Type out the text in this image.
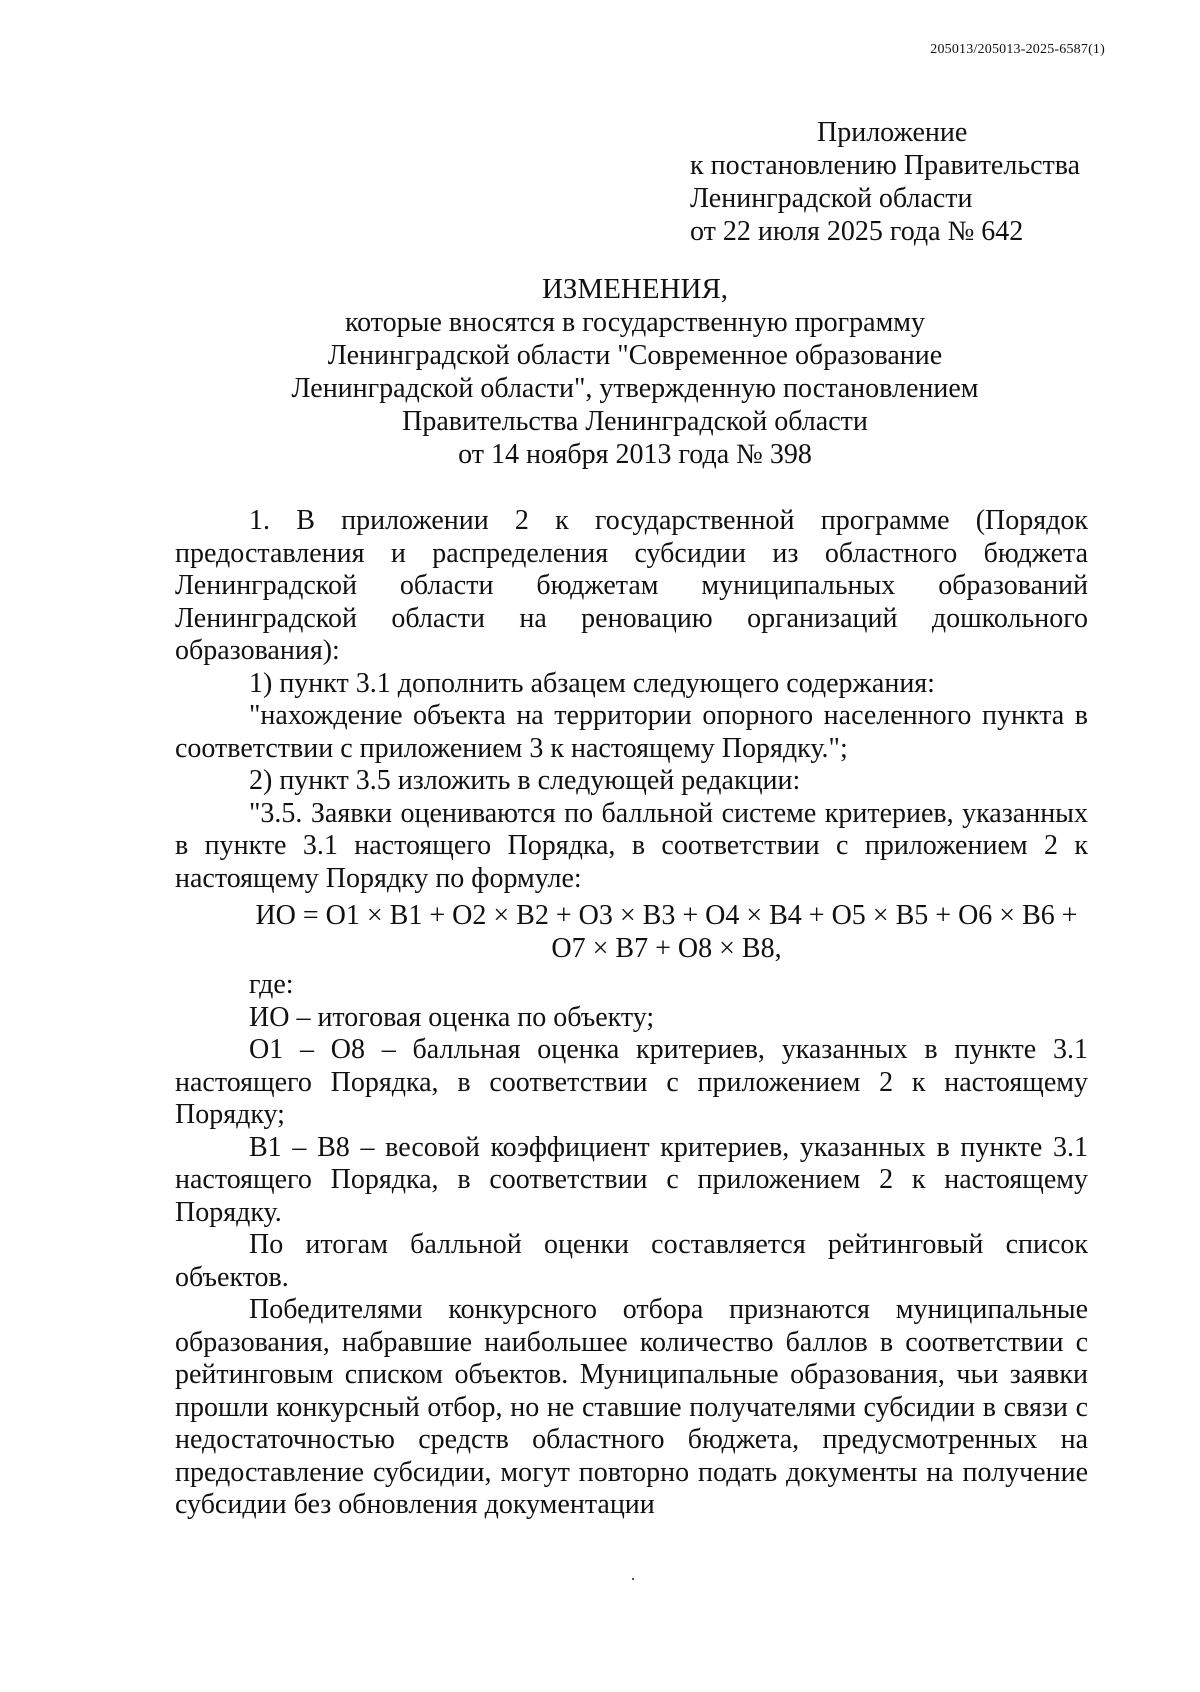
205013/205013-2025-6587(1)
Приложение
к постановлению Правительства
Ленинградской области
от 22 июля 2025 года № 642
ИЗМЕНЕНИЯ,
которые вносятся в государственную программу
Ленинградской области "Современное образование
Ленинградской области", утвержденную постановлением
Правительства Ленинградской области
от 14 ноября 2013 года № 398

1. В приложении 2 к государственной программе (Порядок предоставления и распределения субсидии из областного бюджета Ленинградской области бюджетам муниципальных образований Ленинградской области на реновацию организаций дошкольного образования):

1) пункт 3.1 дополнить абзацем следующего содержания:

"нахождение объекта на территории опорного населенного пункта в соответствии с приложением 3 к настоящему Порядку.";

2) пункт 3.5 изложить в следующей редакции:

"3.5. Заявки оцениваются по балльной системе критериев, указанных в пункте 3.1 настоящего Порядка, в соответствии с приложением 2 к настоящему Порядку по формуле:

ИО = О1 × В1 + О2 × В2 + О3 × В3 + О4 × В4 + О5 × В5 + О6 × В6 +
О7 × В7 + О8 × В8,

где:

ИО – итоговая оценка по объекту;

О1 – О8 – балльная оценка критериев, указанных в пункте 3.1 настоящего Порядка, в соответствии с приложением 2 к настоящему Порядку;

В1 – В8 – весовой коэффициент критериев, указанных в пункте 3.1 настоящего Порядка, в соответствии с приложением 2 к настоящему Порядку.

По итогам балльной оценки составляется рейтинговый список объектов.

Победителями конкурсного отбора признаются муниципальные образования, набравшие наибольшее количество баллов в соответствии с рейтинговым списком объектов. Муниципальные образования, чьи заявки прошли конкурсный отбор, но не ставшие получателями субсидии в связи с недостаточностью средств областного бюджета, предусмотренных на предоставление субсидии, могут повторно подать документы на получение субсидии без обновления документации
